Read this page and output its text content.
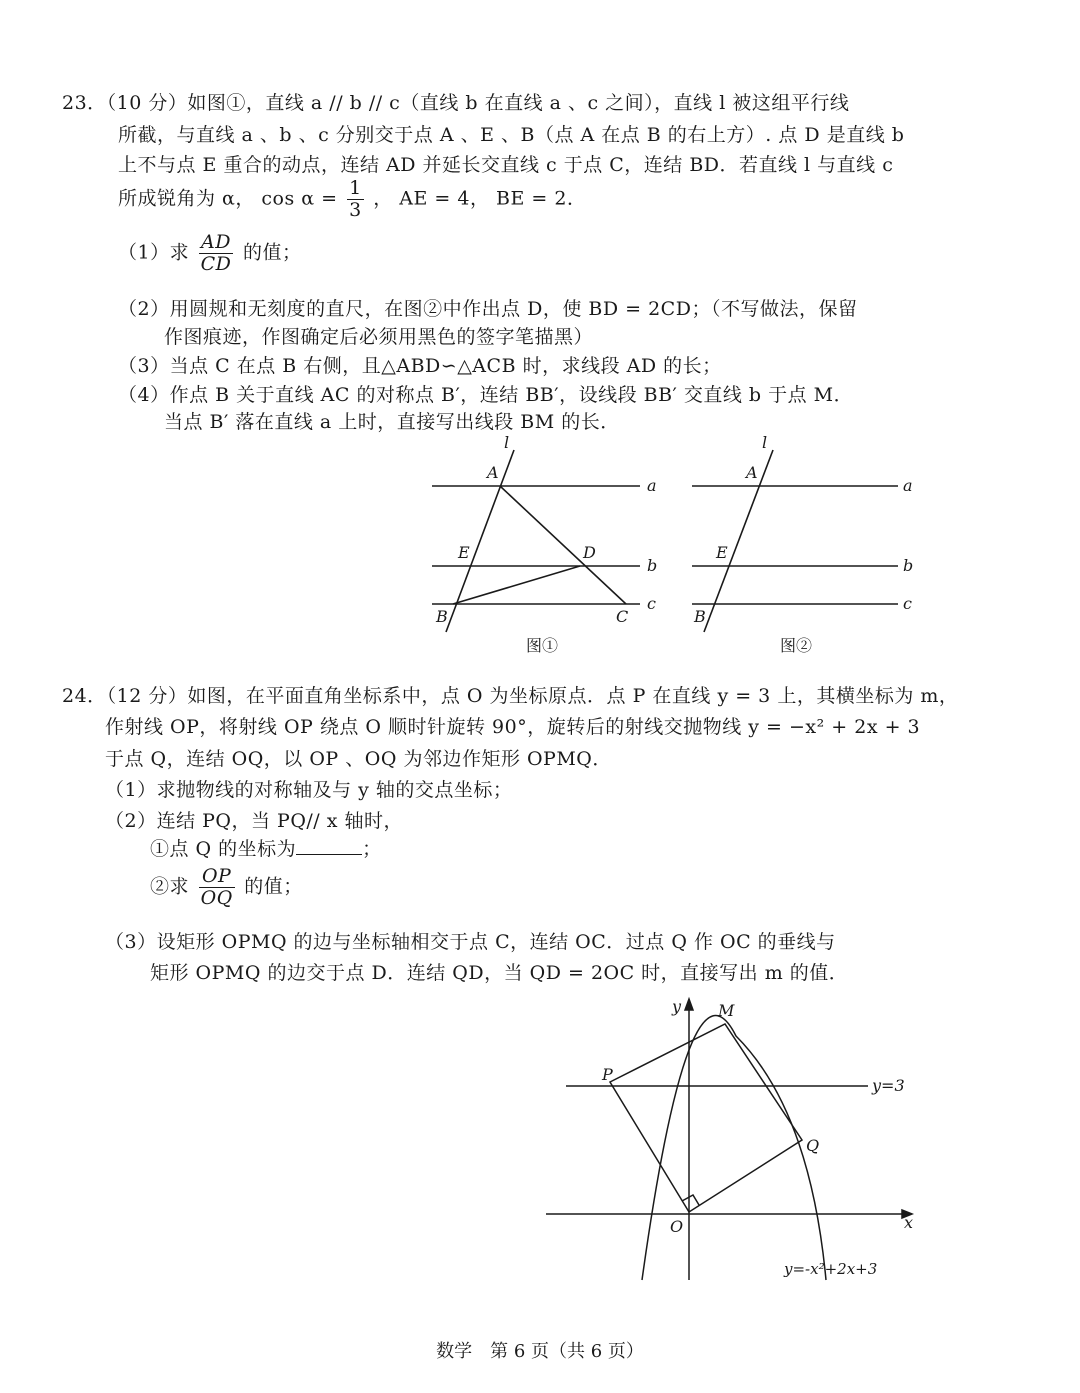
23．（10 分）如图①，直线 a // b // c（直线 b 在直线 a 、c 之间），直线 l 被这组平行线
所截，与直线 a 、b 、c 分别交于点 A 、E 、B（点 A 在点 B 的右上方）. 点 D 是直线 b
上不与点 E 重合的动点，连结 AD 并延长交直线 c 于点 C，连结 BD．若直线 l 与直线 c
所成锐角为 α， $\cos \alpha = \frac{1}{3}$ ， AE = 4， BE = 2．
（1）求 $\frac{AD}{CD}$ 的值；
（2）用圆规和无刻度的直尺，在图②中作出点 D，使 BD = 2CD；（不写做法，保留
作图痕迹，作图确定后必须用黑色的签字笔描黑）
（3）当点 C 在点 B 右侧，且△ABD∽△ACB 时，求线段 AD 的长；
（4）作点 B 关于直线 AC 的对称点 B′，连结 BB′，设线段 BB′ 交直线 b 于点 M．
当点 B′ 落在直线 a 上时，直接写出线段 BM 的长．
l
A
a
E	D
b
B	C
c
图①
l
A
a
E
b
B
c
图②
24．（12 分）如图，在平面直角坐标系中，点 O 为坐标原点．点 P 在直线 y = 3 上，其横坐标为 m，
作射线 OP，将射线 OP 绕点 O 顺时针旋转 90°，旋转后的射线交抛物线 y = −x² + 2x + 3
于点 Q，连结 OQ，以 OP 、OQ 为邻边作矩形 OPMQ．
（1）求抛物线的对称轴及与 y 轴的交点坐标；
（2）连结 PQ，当 PQ// x 轴时，
①点 Q 的坐标为	；
②求 $\frac{OP}{OQ}$ 的值；
（3）设矩形 OPMQ 的边与坐标轴相交于点 C，连结 OC．过点 Q 作 OC 的垂线与
矩形 OPMQ 的边交于点 D．连结 QD，当 QD = 2OC 时，直接写出 m 的值．
y M
P
y=3
Q
O	x
y=-x²+2x+3
数学　第 6 页（共 6 页）
